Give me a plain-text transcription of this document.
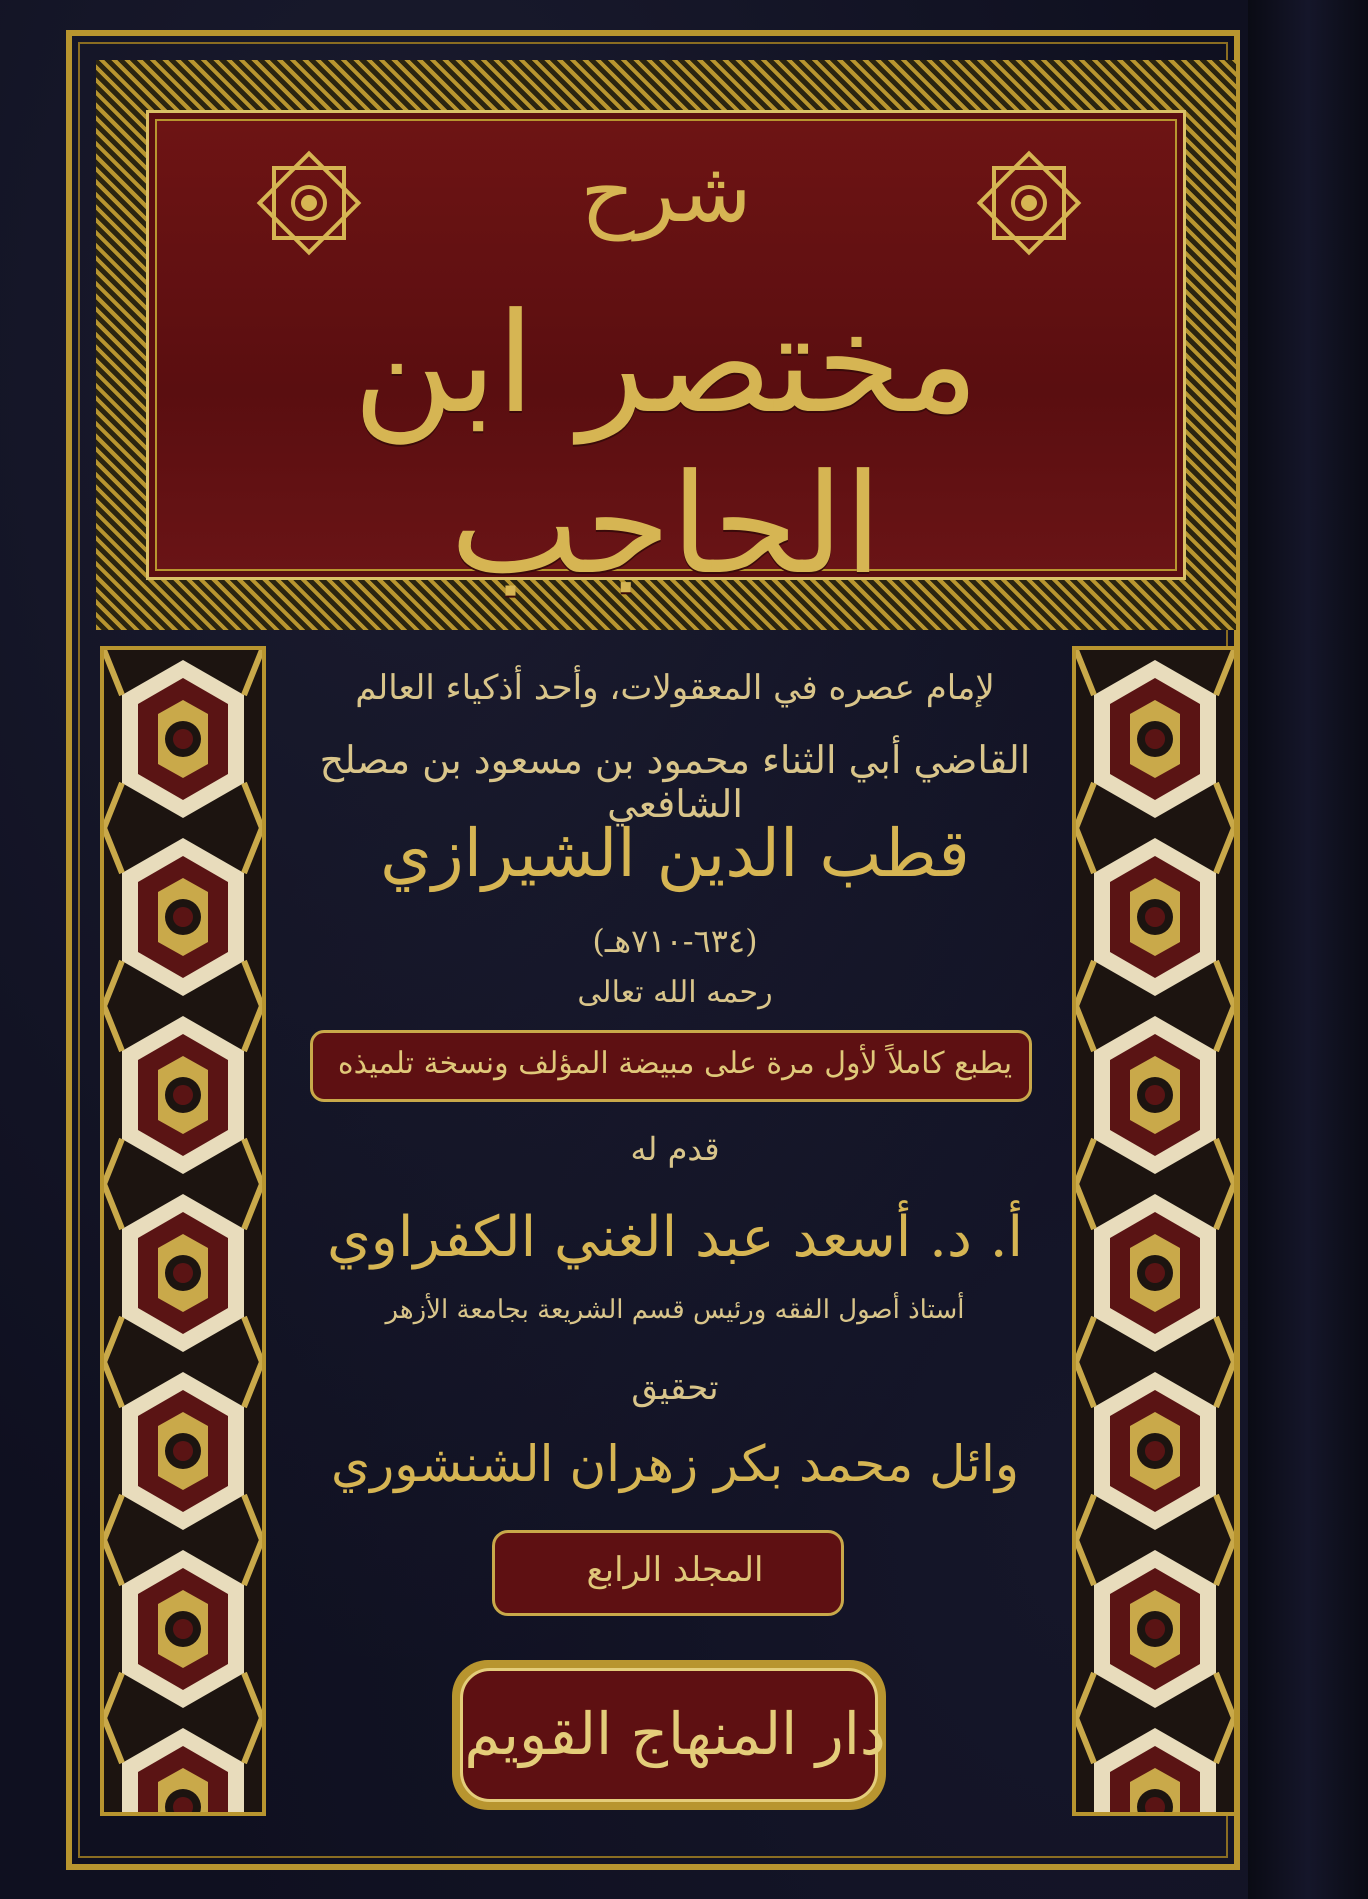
شرح
مختصر ابن الحاجب
لإمام عصره في المعقولات، وأحد أذكياء العالم
القاضي أبي الثناء محمود بن مسعود بن مصلح الشافعي
قطب الدين الشيرازي
(٦٣٤-٧١٠هـ)
رحمه الله تعالى
يطبع كاملاً لأول مرة على مبيضة المؤلف ونسخة تلميذه
قدم له
أ. د. أسعد عبد الغني الكفراوي
أستاذ أصول الفقه ورئيس قسم الشريعة بجامعة الأزهر
تحقيق
وائل محمد بكر زهران الشنشوري
المجلد الرابع
دار المنهاج القويم
